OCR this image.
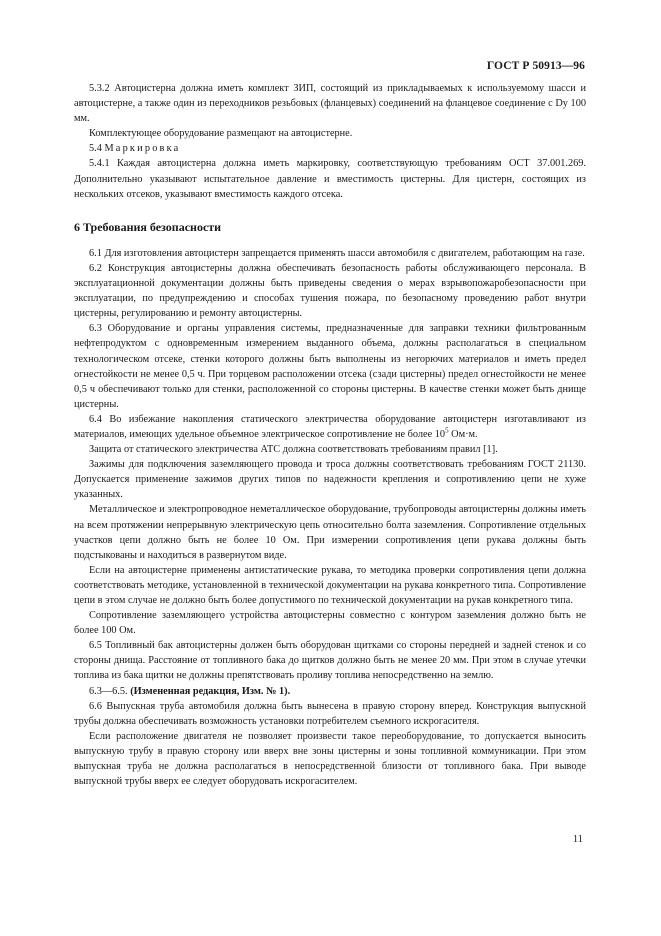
ГОСТ Р 50913—96

5.3.2 Автоцистерна должна иметь комплект ЗИП, состоящий из прикладываемых к используемому шасси и автоцистерне, а также один из переходников резьбовых (фланцевых) соединений на фланцевое соединение с Dу 100 мм.

Комплектующее оборудование размещают на автоцистерне.

5.4 Маркировка

5.4.1 Каждая автоцистерна должна иметь маркировку, соответствующую требованиям ОСТ 37.001.269. Дополнительно указывают испытательное давление и вместимость цистерны. Для цистерн, состоящих из нескольких отсеков, указывают вместимость каждого отсека.

6 Требования безопасности

6.1 Для изготовления автоцистерн запрещается применять шасси автомобиля с двигателем, работающим на газе.

6.2 Конструкция автоцистерны должна обеспечивать безопасность работы обслуживающего персонала. В эксплуатационной документации должны быть приведены сведения о мерах взрывопожаробезопасности при эксплуатации, по предупреждению и способах тушения пожара, по безопасному проведению работ внутри цистерны, регулированию и ремонту автоцистерны.

6.3 Оборудование и органы управления системы, предназначенные для заправки техники фильтрованным нефтепродуктом с одновременным измерением выданного объема, должны располагаться в специальном технологическом отсеке, стенки которого должны быть выполнены из негорючих материалов и иметь предел огнестойкости не менее 0,5 ч. При торцевом расположении отсека (сзади цистерны) предел огнестойкости не менее 0,5 ч обеспечивают только для стенки, расположенной со стороны цистерны. В качестве стенки может быть днище цистерны.

6.4 Во избежание накопления статического электричества оборудование автоцистерн изготавливают из материалов, имеющих удельное объемное электрическое сопротивление не более $10^5$ Ом·м.

Защита от статического электричества АТС должна соответствовать требованиям правил [1].

Зажимы для подключения заземляющего провода и троса должны соответствовать требованиям ГОСТ 21130. Допускается применение зажимов других типов по надежности крепления и сопротивлению цепи не хуже указанных.

Металлическое и электропроводное неметаллическое оборудование, трубопроводы автоцистерны должны иметь на всем протяжении непрерывную электрическую цепь относительно болта заземления. Сопротивление отдельных участков цепи должно быть не более 10 Ом. При измерении сопротивления цепи рукава должны быть подстыкованы и находиться в развернутом виде.

Если на автоцистерне применены антистатические рукава, то методика проверки сопротивления цепи должна соответствовать методике, установленной в технической документации на рукава конкретного типа. Сопротивление цепи в этом случае не должно быть более допустимого по технической документации на рукав конкретного типа.

Сопротивление заземляющего устройства автоцистерны совместно с контуром заземления должно быть не более 100 Ом.

6.5 Топливный бак автоцистерны должен быть оборудован щитками со стороны передней и задней стенок и со стороны днища. Расстояние от топливного бака до щитков должно быть не менее 20 мм. При этом в случае утечки топлива из бака щитки не должны препятствовать проливу топлива непосредственно на землю.

6.3—6.5. (Измененная редакция, Изм. № 1).

6.6 Выпускная труба автомобиля должна быть вынесена в правую сторону вперед. Конструкция выпускной трубы должна обеспечивать возможность установки потребителем съемного искрогасителя.

Если расположение двигателя не позволяет произвести такое переоборудование, то допускается выносить выпускную трубу в правую сторону или вверх вне зоны цистерны и зоны топливной коммуникации. При этом выпускная труба не должна располагаться в непосредственной близости от топливного бака. При выводе выпускной трубы вверх ее следует оборудовать искрогасителем.

11
